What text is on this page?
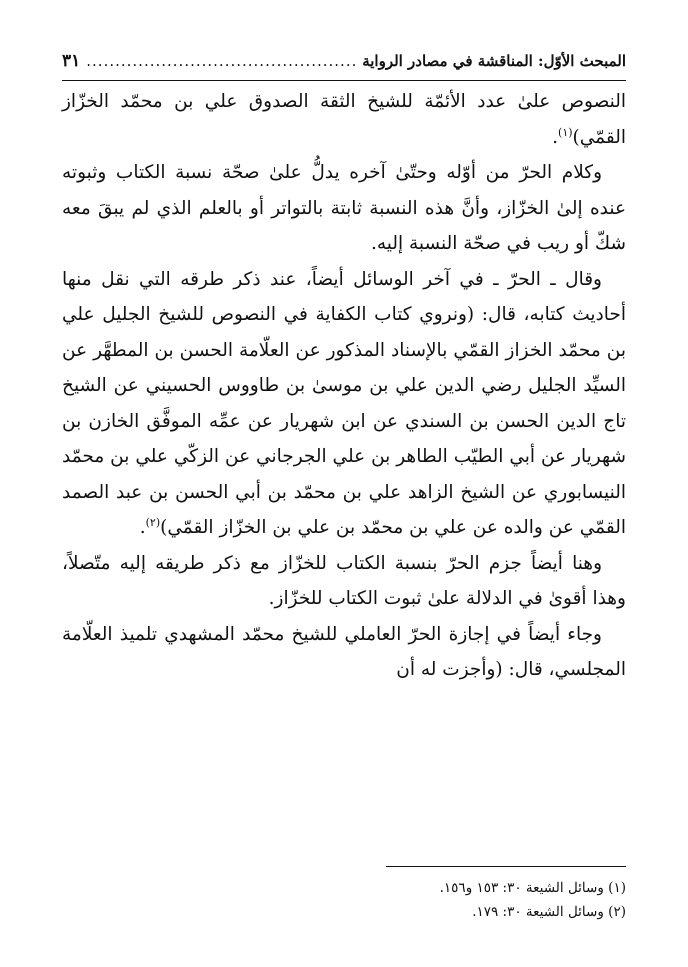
المبحث الأوّل: المناقشة في مصادر الرواية
.....
٣١

النصوص علىٰ عدد الأئمّة للشيخ الثقة الصدوق علي بن محمّد الخزّاز القمّي)$^{(١)}$.

وكلام الحرّ من أوّله وحتّىٰ آخره يدلُّ علىٰ صحّة نسبة الكتاب وثبوته عنده إلىٰ الخزّاز، وأنَّ هذه النسبة ثابتة بالتواتر أو بالعلم الذي لم يبقَ معه شكّ أو ريب في صحّة النسبة إليه.

وقال ـ الحرّ ـ في آخر الوسائل أيضاً، عند ذكر طرقه التي نقل منها أحاديث كتابه، قال: (ونروي كتاب الكفاية في النصوص للشيخ الجليل علي بن محمّد الخزاز القمّي بالإسناد المذكور عن العلّامة الحسن بن المطهَّر عن السيِّد الجليل رضي الدين علي بن موسىٰ بن طاووس الحسيني عن الشيخ تاج الدين الحسن بن السندي عن ابن شهريار عن عمِّه الموفَّق الخازن بن شهريار عن أبي الطيّب الطاهر بن علي الجرجاني عن الزكّي علي بن محمّد النيسابوري عن الشيخ الزاهد علي بن محمّد بن أبي الحسن بن عبد الصمد القمّي عن والده عن علي بن محمّد بن علي بن الخزّاز القمّي)$^{(٢)}$.

وهنا أيضاً جزم الحرّ بنسبة الكتاب للخزّاز مع ذكر طريقه إليه متّصلاً، وهذا أقوىٰ في الدلالة علىٰ ثبوت الكتاب للخزّاز.

وجاء أيضاً في إجازة الحرّ العاملي للشيخ محمّد المشهدي تلميذ العلّامة المجلسي، قال: (وأجزت له أن

(١) وسائل الشيعة ٣٠: ١٥٣ و١٥٦.
(٢) وسائل الشيعة ٣٠: ١٧٩.
